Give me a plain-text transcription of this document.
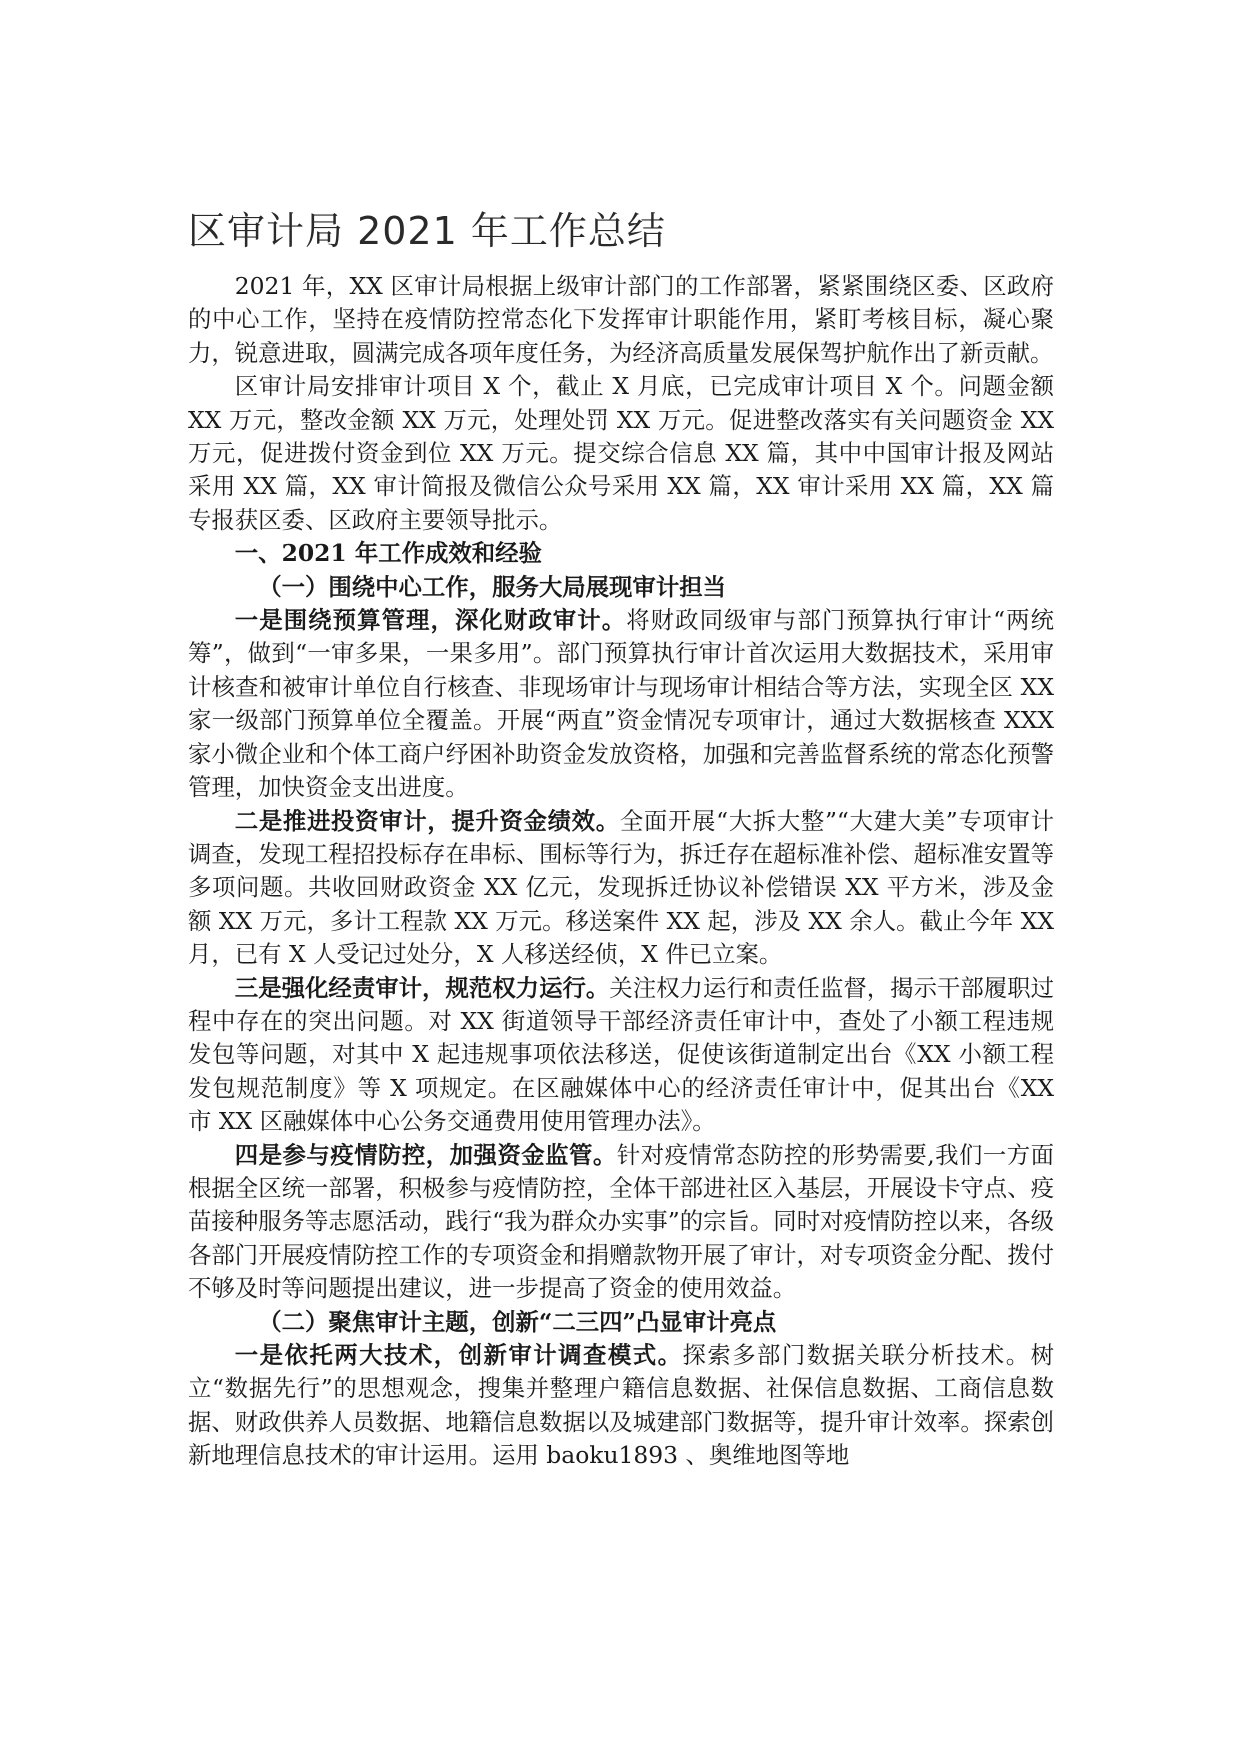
区审计局 2021 年工作总结

2021 年，XX 区审计局根据上级审计部门的工作部署，紧紧围绕区委、区政府的中心工作，坚持在疫情防控常态化下发挥审计职能作用，紧盯考核目标，凝心聚力，锐意进取，圆满完成各项年度任务，为经济高质量发展保驾护航作出了新贡献。

区审计局安排审计项目 X 个，截止 X 月底，已完成审计项目 X 个。问题金额 XX 万元，整改金额 XX 万元，处理处罚 XX 万元。促进整改落实有关问题资金 XX 万元，促进拨付资金到位 XX 万元。提交综合信息 XX 篇，其中中国审计报及网站采用 XX 篇，XX 审计简报及微信公众号采用 XX 篇，XX 审计采用 XX 篇，XX 篇专报获区委、区政府主要领导批示。

一、2021 年工作成效和经验

（一）围绕中心工作，服务大局展现审计担当

一是围绕预算管理，深化财政审计。将财政同级审与部门预算执行审计“两统筹”，做到“一审多果，一果多用”。部门预算执行审计首次运用大数据技术，采用审计核查和被审计单位自行核查、非现场审计与现场审计相结合等方法，实现全区 XX 家一级部门预算单位全覆盖。开展“两直”资金情况专项审计，通过大数据核查 XXX 家小微企业和个体工商户纾困补助资金发放资格，加强和完善监督系统的常态化预警管理，加快资金支出进度。

二是推进投资审计，提升资金绩效。全面开展“大拆大整”“大建大美”专项审计调查，发现工程招投标存在串标、围标等行为，拆迁存在超标准补偿、超标准安置等多项问题。共收回财政资金 XX 亿元，发现拆迁协议补偿错误 XX 平方米，涉及金额 XX 万元，多计工程款 XX 万元。移送案件 XX 起，涉及 XX 余人。截止今年 XX 月，已有 X 人受记过处分，X 人移送经侦，X 件已立案。

三是强化经责审计，规范权力运行。关注权力运行和责任监督，揭示干部履职过程中存在的突出问题。对 XX 街道领导干部经济责任审计中，查处了小额工程违规发包等问题，对其中 X 起违规事项依法移送，促使该街道制定出台《XX 小额工程发包规范制度》等 X 项规定。在区融媒体中心的经济责任审计中，促其出台《XX 市 XX 区融媒体中心公务交通费用使用管理办法》。

四是参与疫情防控，加强资金监管。针对疫情常态防控的形势需要,我们一方面根据全区统一部署，积极参与疫情防控，全体干部进社区入基层，开展设卡守点、疫苗接种服务等志愿活动，践行“我为群众办实事”的宗旨。同时对疫情防控以来，各级各部门开展疫情防控工作的专项资金和捐赠款物开展了审计，对专项资金分配、拨付不够及时等问题提出建议，进一步提高了资金的使用效益。

（二）聚焦审计主题，创新“二三四”凸显审计亮点

一是依托两大技术，创新审计调查模式。探索多部门数据关联分析技术。树立“数据先行”的思想观念，搜集并整理户籍信息数据、社保信息数据、工商信息数据、财政供养人员数据、地籍信息数据以及城建部门数据等，提升审计效率。探索创新地理信息技术的审计运用。运用 baoku1893 、奥维地图等地
